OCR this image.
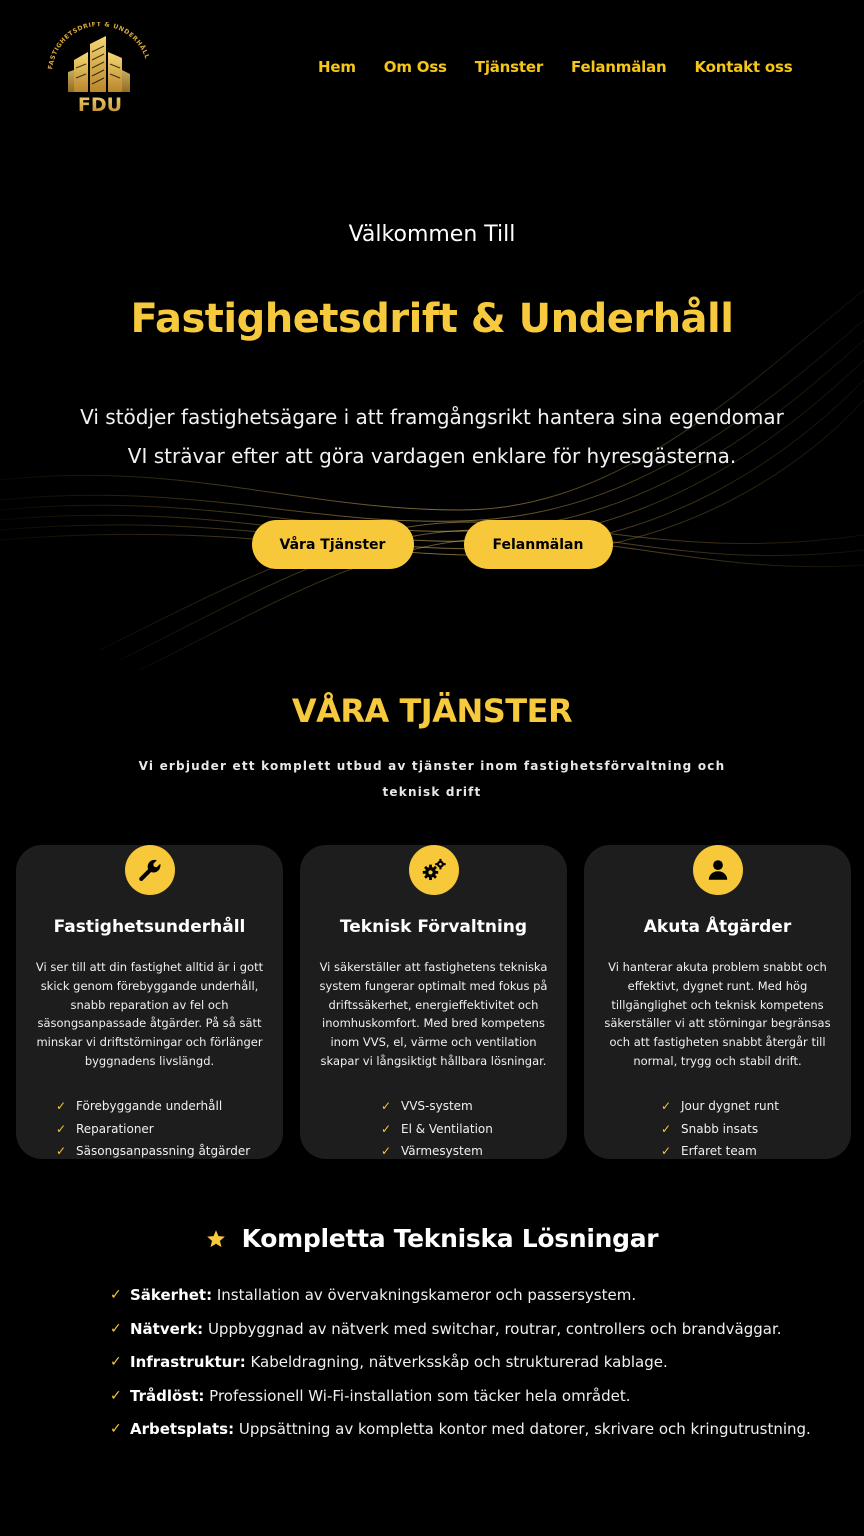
FASTIGHETSDRIFT & UNDERHÅLL
FDU
Hem Om Oss Tjänster Felanmälan Kontakt oss
Välkommen Till
Fastighetsdrift & Underhåll
Vi stödjer fastighetsägare i att framgångsrikt hantera sina egendomar
VI strävar efter att göra vardagen enklare för hyresgästerna.
Våra Tjänster	Felanmälan
VÅRA TJÄNSTER

Vi erbjuder ett komplett utbud av tjänster inom fastighetsförvaltning och teknisk drift

Fastighetsunderhåll

Vi ser till att din fastighet alltid är i gott skick genom förebyggande underhåll, snabb reparation av fel och säsongsanpassade åtgärder. På så sätt minskar vi driftstörningar och förlänger byggnadens livslängd.

✓ Förebyggande underhåll
✓ Reparationer
✓ Säsongsanpassning åtgärder
Teknisk Förvaltning

Vi säkerställer att fastighetens tekniska system fungerar optimalt med fokus på driftssäkerhet, energieffektivitet och inomhuskomfort. Med bred kompetens inom VVS, el, värme och ventilation skapar vi långsiktigt hållbara lösningar.

✓ VVS-system
✓ El & Ventilation
✓ Värmesystem
Akuta Åtgärder

Vi hanterar akuta problem snabbt och effektivt, dygnet runt. Med hög tillgänglighet och teknisk kompetens säkerställer vi att störningar begränsas och att fastigheten snabbt återgår till normal, trygg och stabil drift.

✓ Jour dygnet runt
✓ Snabb insats
✓ Erfaret team
Kompletta Tekniska Lösningar
✓ Säkerhet: Installation av övervakningskameror och passersystem.
✓ Nätverk: Uppbyggnad av nätverk med switchar, routrar, controllers och brandväggar.
✓ Infrastruktur: Kabeldragning, nätverksskåp och strukturerad kablage.
✓ Trådlöst: Professionell Wi-Fi-installation som täcker hela området.
✓ Arbetsplats: Uppsättning av kompletta kontor med datorer, skrivare och kringutrustning.
